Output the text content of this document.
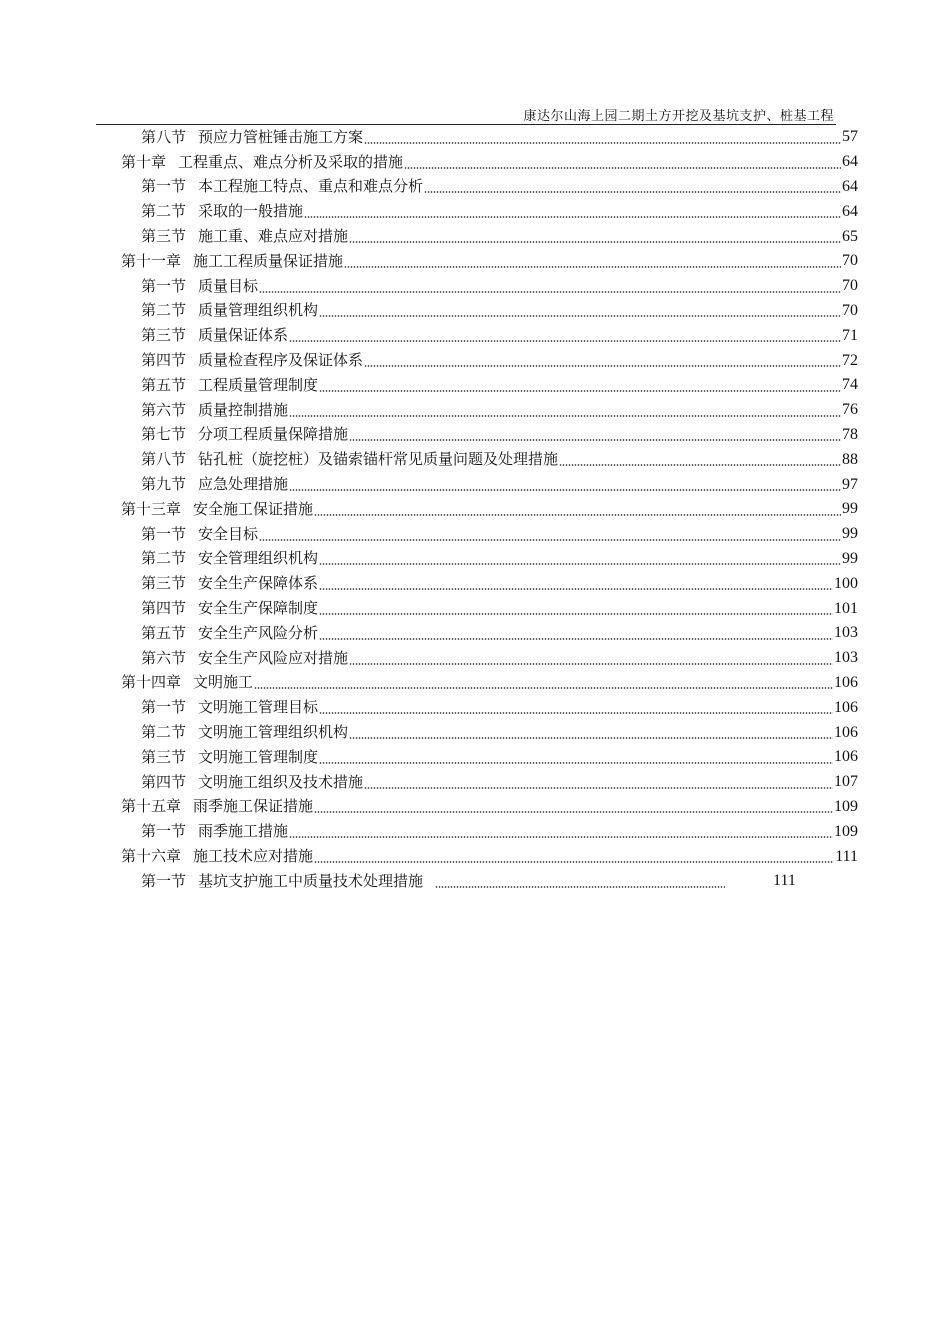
康达尔山海上园二期土方开挖及基坑支护、桩基工程
第八节 预应力管桩锤击施工方案	57
第十章 工程重点、难点分析及采取的措施	64
第一节 本工程施工特点、重点和难点分析	64
第二节 采取的一般措施	64
第三节 施工重、难点应对措施	65
第十一章 施工工程质量保证措施	70
第一节 质量目标	70
第二节 质量管理组织机构	70
第三节 质量保证体系	71
第四节 质量检查程序及保证体系	72
第五节 工程质量管理制度	74
第六节 质量控制措施	76
第七节 分项工程质量保障措施	78
第八节 钻孔桩（旋挖桩）及锚索锚杆常见质量问题及处理措施	88
第九节 应急处理措施	97
第十三章 安全施工保证措施	99
第一节 安全目标	99
第二节 安全管理组织机构	99
第三节 安全生产保障体系	100
第四节 安全生产保障制度	101
第五节 安全生产风险分析	103
第六节 安全生产风险应对措施	103
第十四章 文明施工	106
第一节 文明施工管理目标	106
第二节 文明施工管理组织机构	106
第三节 文明施工管理制度	106
第四节 文明施工组织及技术措施	107
第十五章 雨季施工保证措施	109
第一节 雨季施工措施	109
第十六章 施工技术应对措施	111
第一节 基坑支护施工中质量技术处理措施	111
